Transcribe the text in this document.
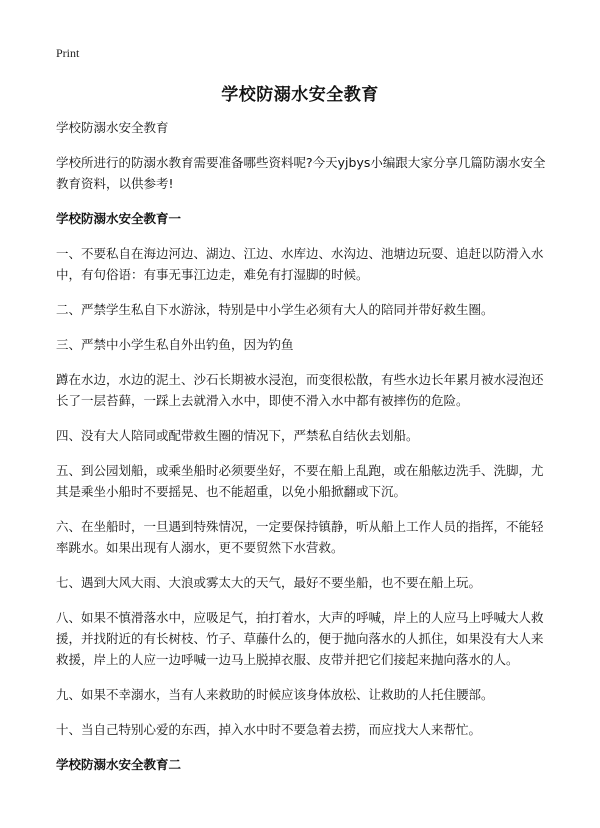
Print
学校防溺水安全教育

学校防溺水安全教育

学校所进行的防溺水教育需要准备哪些资料呢?今天yjbys小编跟大家分享几篇防溺水安全教育资料，以供参考!

学校防溺水安全教育一

一、不要私自在海边河边、湖边、江边、水库边、水沟边、池塘边玩耍、追赶以防滑入水中，有句俗语：有事无事江边走，难免有打湿脚的时候。

二、严禁学生私自下水游泳，特别是中小学生必须有大人的陪同并带好救生圈。

三、严禁中小学生私自外出钓鱼，因为钓鱼

蹲在水边，水边的泥土、沙石长期被水浸泡，而变很松散，有些水边长年累月被水浸泡还长了一层苔藓，一踩上去就滑入水中，即使不滑入水中都有被摔伤的危险。

四、没有大人陪同或配带救生圈的情况下，严禁私自结伙去划船。

五、到公园划船，或乘坐船时必须要坐好，不要在船上乱跑，或在船舷边洗手、洗脚，尤其是乘坐小船时不要摇晃、也不能超重，以免小船掀翻或下沉。

六、在坐船时，一旦遇到特殊情况，一定要保持镇静，听从船上工作人员的指挥，不能轻率跳水。如果出现有人溺水，更不要贸然下水营救。

七、遇到大风大雨、大浪或雾太大的天气，最好不要坐船，也不要在船上玩。

八、如果不慎滑落水中，应吸足气，拍打着水，大声的呼喊，岸上的人应马上呼喊大人救援，并找附近的有长树枝、竹子、草藤什么的，便于抛向落水的人抓住，如果没有大人来救援，岸上的人应一边呼喊一边马上脱掉衣服、皮带并把它们接起来抛向落水的人。

九、如果不幸溺水，当有人来救助的时候应该身体放松、让救助的人托住腰部。

十、当自己特别心爱的东西，掉入水中时不要急着去捞，而应找大人来帮忙。

学校防溺水安全教育二
